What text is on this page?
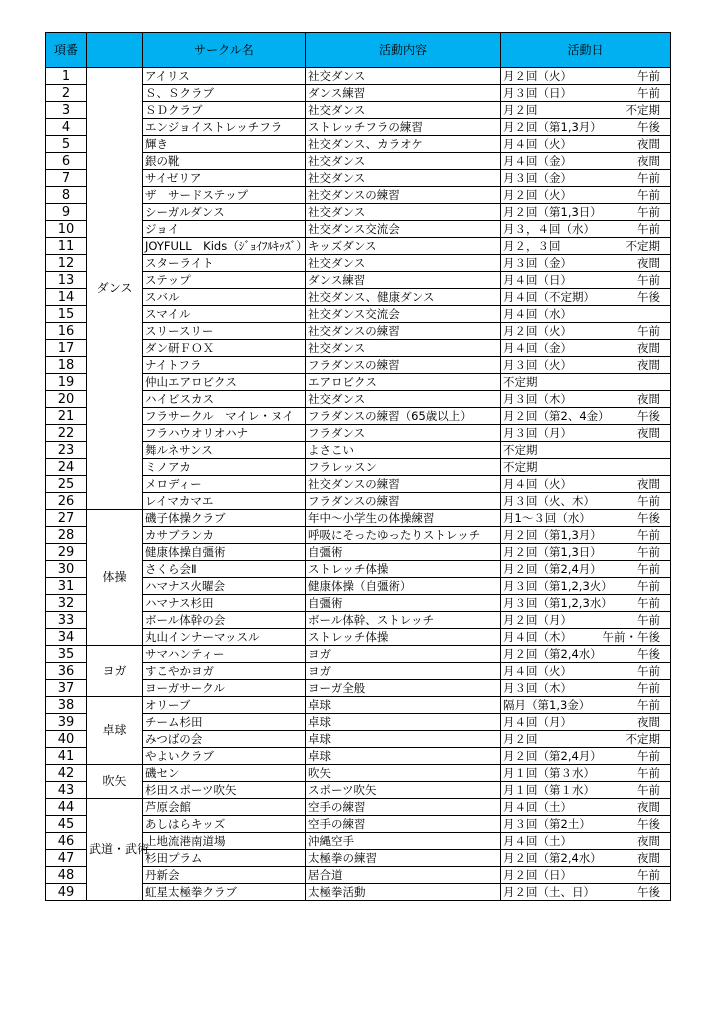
項番		サークル名	活動内容	活動日
1	ダンス	アイリス	社交ダンス	月２回（火） 午前

2		Ｓ、Ｓクラブ	ダンス練習	月３回（日） 午前

3		ＳＤクラブ	社交ダンス	月２回 不定期

4		エンジョイストレッチフラ	ストレッチフラの練習	月２回（第1,3月） 午後

5		輝き	社交ダンス、カラオケ	月４回（火） 夜間

6		銀の靴	社交ダンス	月４回（金） 夜間

7		サイゼリア	社交ダンス	月３回（金） 午前

8		ザ　サードステップ	社交ダンスの練習	月２回（火） 午前

9		シーガルダンス	社交ダンス	月２回（第1,3日） 午前

10		ジョイ	社交ダンス交流会	月３，４回（水） 午前

11		JOYFULL　Kids（ｼﾞｮｲﾌﾙｷｯｽﾞ）	キッズダンス	月２，３回 不定期

12		スターライト	社交ダンス	月３回（金） 夜間

13		ステップ	ダンス練習	月４回（日） 午前

14		スバル	社交ダンス、健康ダンス	月４回（不定期） 午後

15		スマイル	社交ダンス交流会	月４回（水）

16		スリースリー	社交ダンスの練習	月２回（火） 午前

17		ダン研ＦＯＸ	社交ダンス	月４回（金） 夜間

18		ナイトフラ	フラダンスの練習	月３回（火） 夜間

19		仲山エアロビクス	エアロビクス	不定期

20		ハイビスカス	社交ダンス	月３回（木） 夜間

21		フラサークル　マイレ・ヌイ	フラダンスの練習（65歳以上）	月２回（第2、4金） 午後

22		フラハウオリオハナ	フラダンス	月３回（月） 夜間

23		舞ルネサンス	よさこい	不定期

24		ミノアカ	フラレッスン	不定期

25		メロディー	社交ダンスの練習	月４回（火） 夜間

26		レイマカマエ	フラダンスの練習	月３回（火、木） 午前

27	体操	磯子体操クラブ	年中～小学生の体操練習	月1～３回（水） 午後

28		カサブランカ	呼吸にそったゆったりストレッチ	月２回（第1,3月） 午前

29		健康体操自彊術	自彊術	月２回（第1,3日） 午前

30		さくら会Ⅱ	ストレッチ体操	月２回（第2,4月） 午前

31		ハマナス火曜会	健康体操（自彊術）	月３回（第1,2,3火） 午前

32		ハマナス杉田	自彊術	月３回（第1,2,3水） 午前

33		ボール体幹の会	ボール体幹、ストレッチ	月２回（月） 午前

34		丸山インナーマッスル	ストレッチ体操	月４回（木） 午前・午後

35	ヨガ	サマハンティー	ヨガ	月２回（第2,4水） 午後

36		すこやかヨガ	ヨガ	月４回（火） 午前

37		ヨーガサークル	ヨーガ全般	月３回（木） 午前

38	卓球	オリーブ	卓球	隔月（第1,3金） 午前

39		チーム杉田	卓球	月４回（月） 夜間

40		みつばの会	卓球	月２回 不定期

41		やよいクラブ	卓球	月２回（第2,4月） 午前

42	吹矢	磯セン	吹矢	月１回（第３水） 午前

43		杉田スポーツ吹矢	スポーツ吹矢	月１回（第１水） 午前

44	武道・武術	芦原会館	空手の練習	月４回（土） 夜間

45		あしはらキッズ	空手の練習	月３回（第2土） 午後

46		上地流港南道場	沖縄空手	月４回（土） 夜間

47		杉田プラム	太極拳の練習	月２回（第2,4水） 夜間

48		丹新会	居合道	月２回（日） 午前

49		虹星太極拳クラブ	太極拳活動	月２回（土、日） 午後
